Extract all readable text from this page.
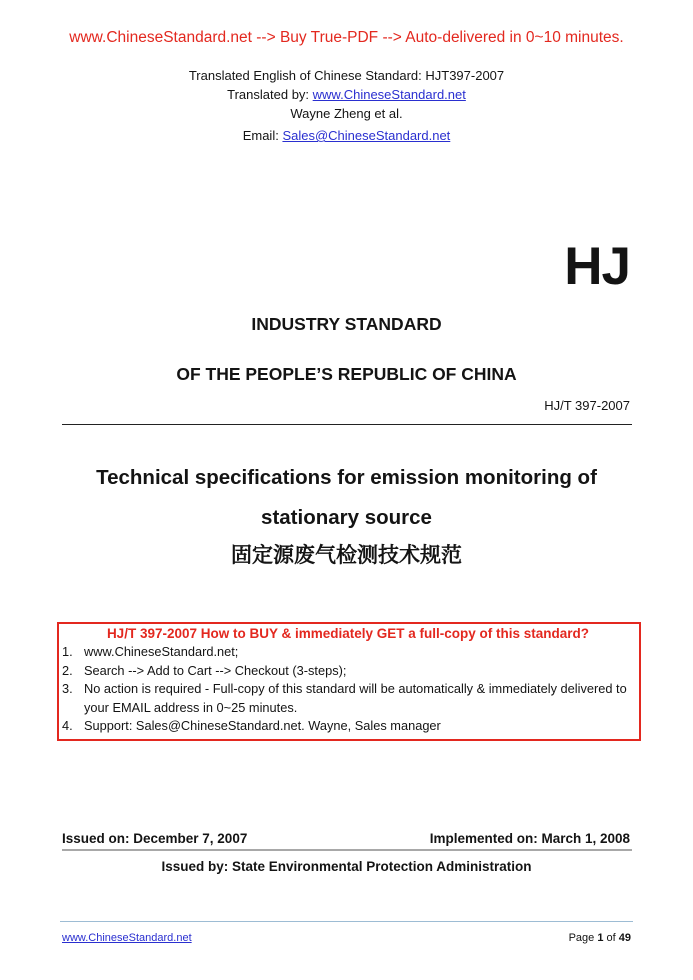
www.ChineseStandard.net --> Buy True-PDF --> Auto-delivered in 0~10 minutes.
Translated English of Chinese Standard: HJT397-2007
Translated by: www.ChineseStandard.net
Wayne Zheng et al.
Email: Sales@ChineseStandard.net
HJ
INDUSTRY STANDARD
OF THE PEOPLE’S REPUBLIC OF CHINA
HJ/T 397-2007
Technical specifications for emission monitoring of
stationary source
固定源废气检测技术规范
HJ/T 397-2007 How to BUY & immediately GET a full-copy of this standard?
1. www.ChineseStandard.net;
2. Search --> Add to Cart --> Checkout (3-steps);
3. No action is required - Full-copy of this standard will be automatically & immediately delivered to your EMAIL address in 0~25 minutes.
4. Support: Sales@ChineseStandard.net. Wayne, Sales manager
Issued on: December 7, 2007	Implemented on: March 1, 2008
Issued by: State Environmental Protection Administration
www.ChineseStandard.net	Page 1 of 49
